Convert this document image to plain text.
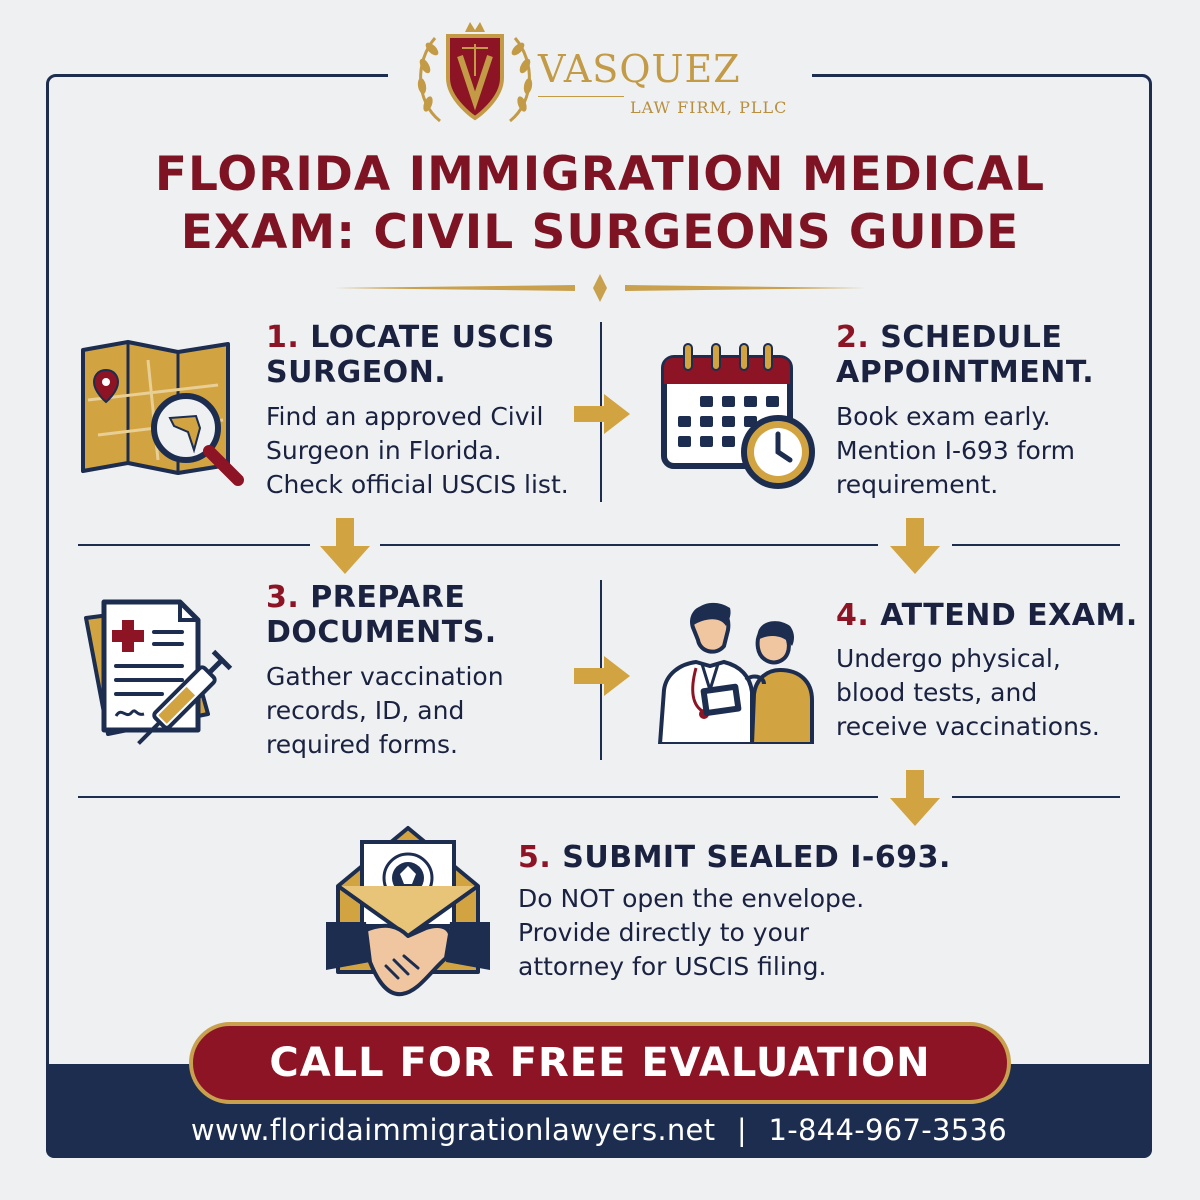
VASQUEZ
LAW FIRM, PLLC
FLORIDA IMMIGRATION MEDICAL
EXAM: CIVIL SURGEONS GUIDE
1. LOCATE USCIS
SURGEON.
Find an approved Civil
Surgeon in Florida.
Check official USCIS list.
2. SCHEDULE
APPOINTMENT.
Book exam early.
Mention I-693 form
requirement.
3. PREPARE
DOCUMENTS.
Gather vaccination
records, ID, and
required forms.
4. ATTEND EXAM.
Undergo physical,
blood tests, and
receive vaccinations.
5. SUBMIT SEALED I-693.
Do NOT open the envelope.
Provide directly to your
attorney for USCIS filing.
CALL FOR FREE EVALUATION
www.floridaimmigrationlawyers.net | 1-844-967-3536
